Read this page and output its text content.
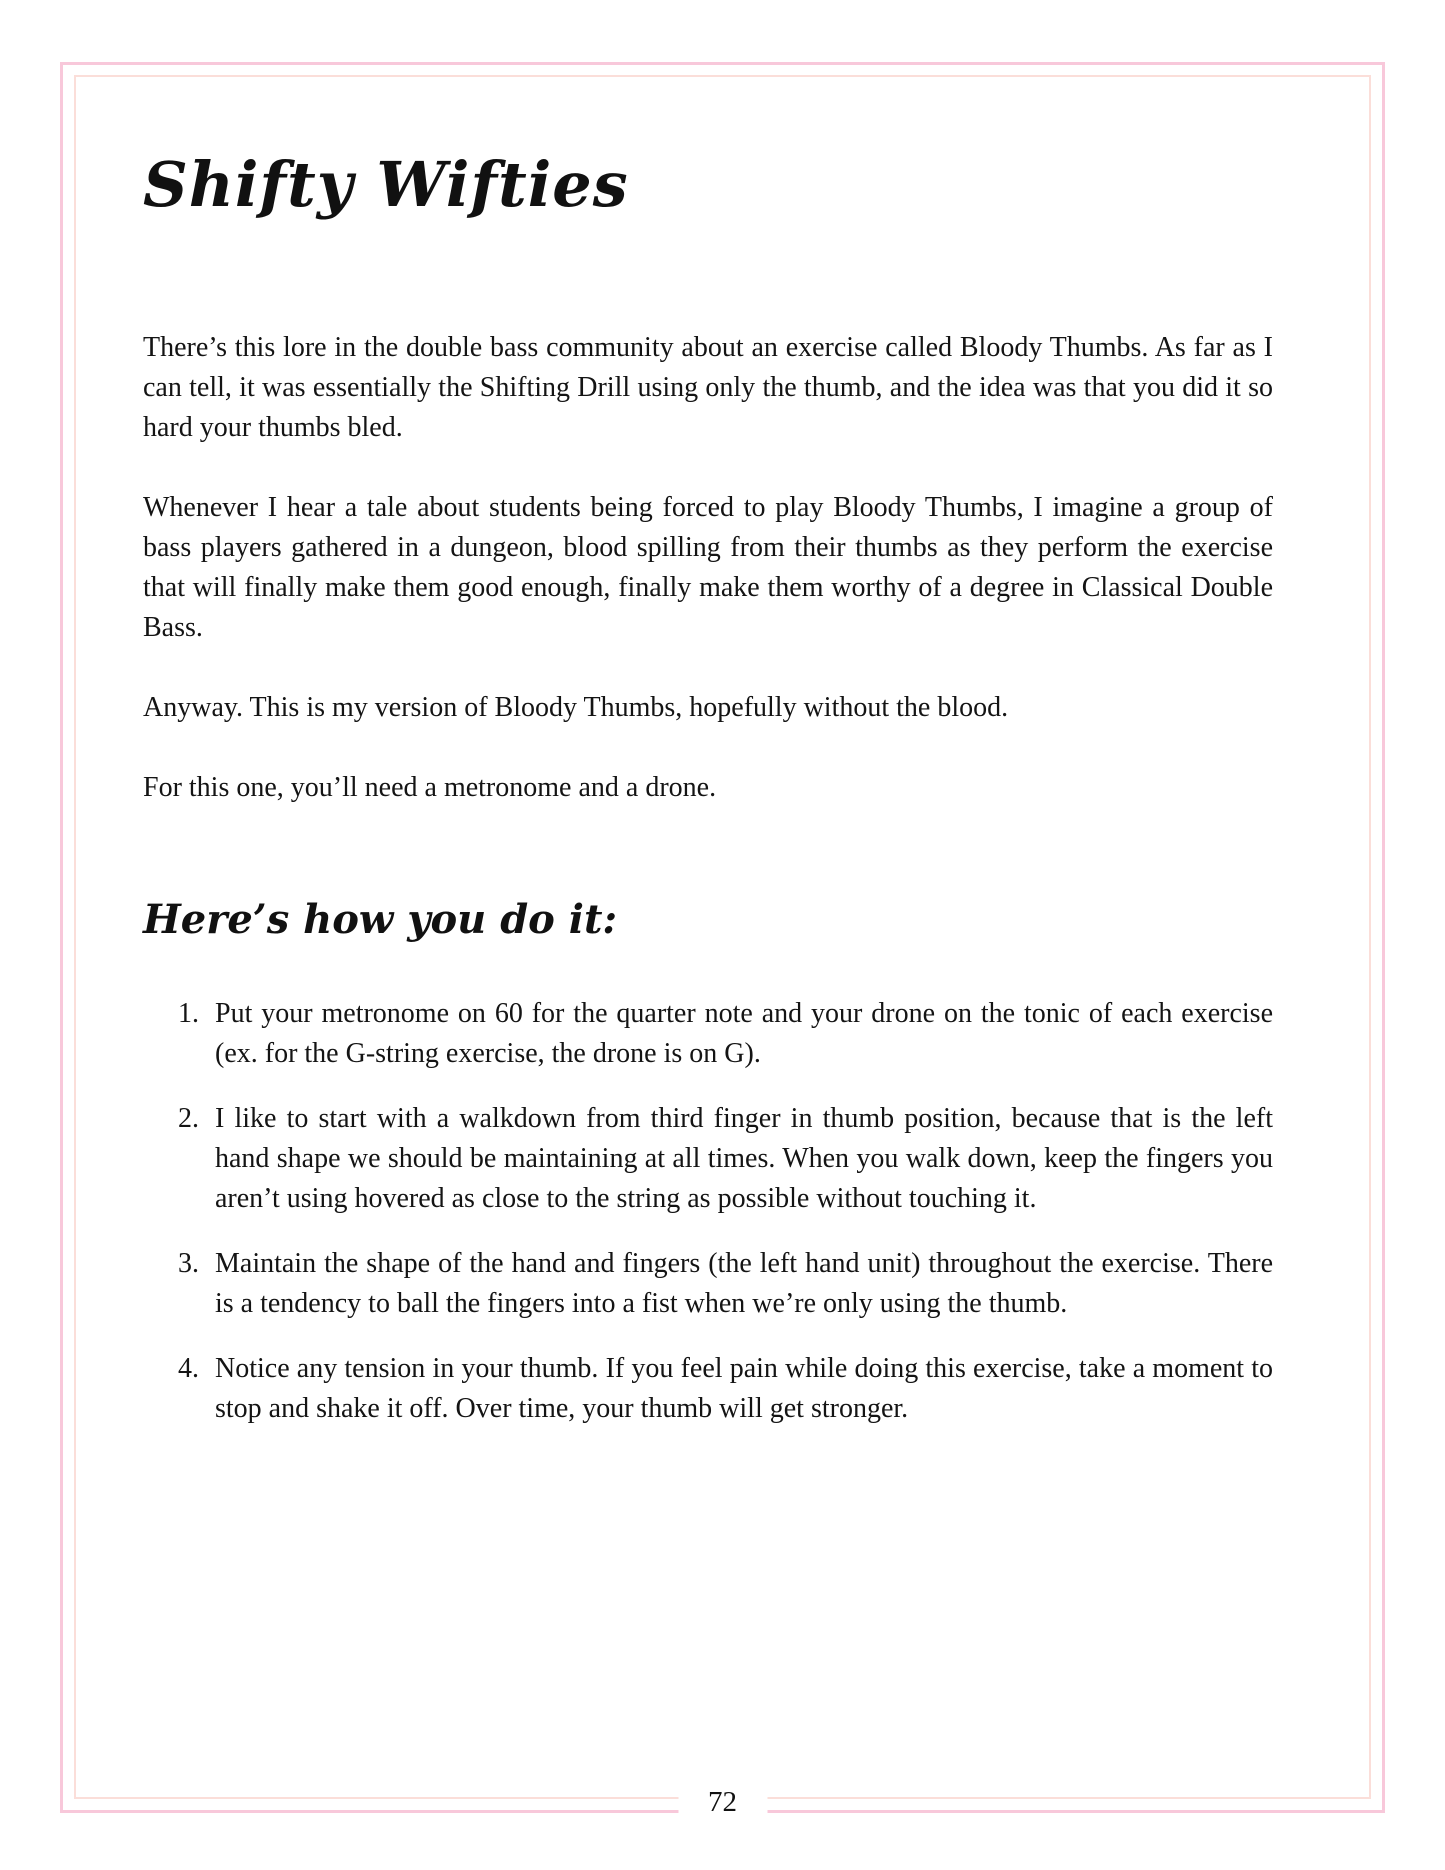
Shifty Wifties

There’s this lore in the double bass community about an exercise called Bloody Thumbs. As far as I can tell, it was essentially the Shifting Drill using only the thumb, and the idea was that you did it so hard your thumbs bled.

Whenever I hear a tale about students being forced to play Bloody Thumbs, I imagine a group of bass players gathered in a dungeon, blood spilling from their thumbs as they perform the exercise that will finally make them good enough, finally make them worthy of a degree in Classical Double Bass.

Anyway. This is my version of Bloody Thumbs, hopefully without the blood.

For this one, you’ll need a metronome and a drone.

Here’s how you do it:
1. Put your metronome on 60 for the quarter note and your drone on the tonic of each exercise (ex. for the G-string exercise, the drone is on G).
2. I like to start with a walkdown from third finger in thumb position, because that is the left hand shape we should be maintaining at all times. When you walk down, keep the fingers you aren’t using hovered as close to the string as possible without touching it.
3. Maintain the shape of the hand and fingers (the left hand unit) throughout the exercise. There is a tendency to ball the fingers into a fist when we’re only using the thumb.
4. Notice any tension in your thumb. If you feel pain while doing this exercise, take a moment to stop and shake it off. Over time, your thumb will get stronger.
72
